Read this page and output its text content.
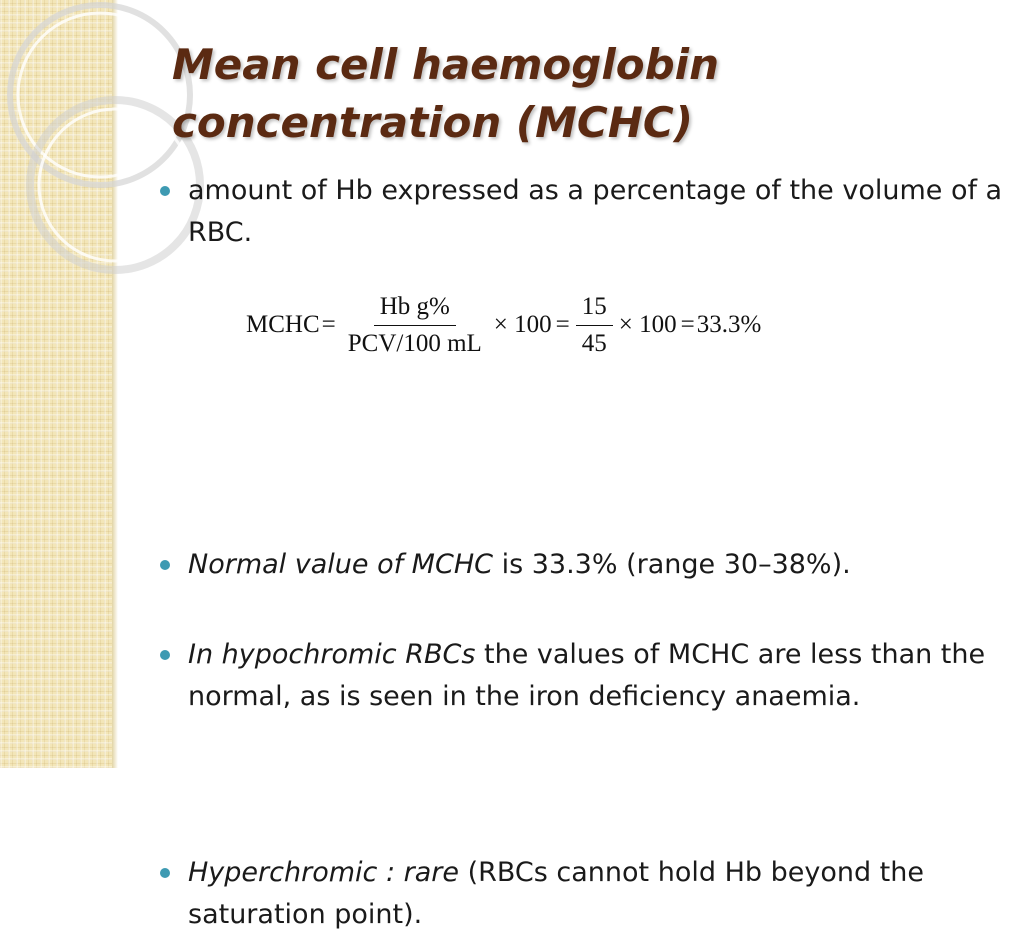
Mean cell haemoglobin
concentration (MCHC)
amount of Hb expressed as a percentage of the volume of a RBC.
Normal value of MCHC is 33.3% (range 30–38%).
In hypochromic RBCs the values of MCHC are less than the normal, as is seen in the iron deficiency anaemia.
Hyperchromic : rare (RBCs cannot hold Hb beyond the saturation point).
MCHC = $\frac{\text{Hb g\%}}{\text{PCV/100 mL}} \times 100 = \frac{15}{45} \times 100 = 33.3\%$
